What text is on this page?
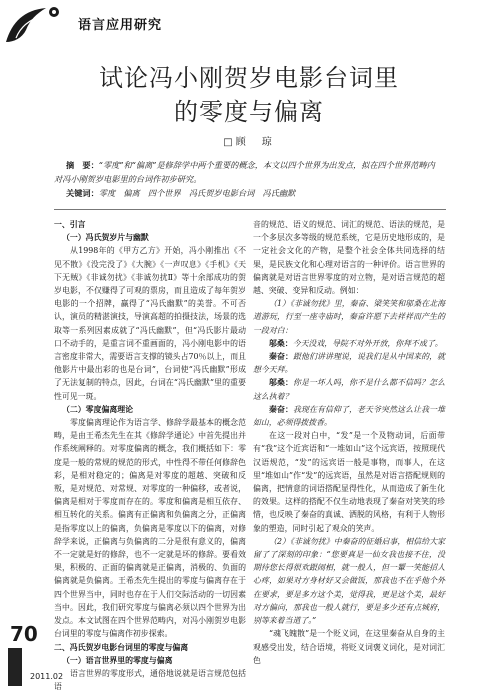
语言应用研究
试论冯小刚贺岁电影台词里
的零度与偏离
□顾　琼

摘　要：“零度”和“偏离”是修辞学中两个重要的概念，本文以四个世界为出发点，拟在四个世界范畴内

对冯小刚贺岁电影里的台词作初步研究。

关键词：零度　偏离　四个世界　冯氏贺岁电影台词　冯氏幽默

一、引言

（一）冯氏贺岁片与幽默

从1998年的《甲方乙方》开始，冯小刚推出《不见不散》《没完没了》《大腕》《一声叹息》《手机》《天下无贼》《非诚勿扰》《非诚勿扰Ⅱ》等十余部成功的贺岁电影，不仅赚得了可观的票房，而且造成了每年贺岁电影的一个招牌，赢得了“冯氏幽默”的美誉。不可否认，演员的精湛演技，导演高超的拍摄技法，场景的选取等一系列因素成就了“冯氏幽默”，但“冯氏影片最动口不动手的，是重言词不重画面的，冯小刚电影中的语言密度非常大，需要语言支撑的镜头占70％以上，而且他影片中最出彩的也是台词”，台词使“冯氏幽默”形成了无法复制的特点，因此，台词在“冯氏幽默”里的重要性可见一斑。

（二）零度偏离理论

零度偏离理论作为语言学、修辞学最基本的概念范畴，是由王希杰先生在其《修辞学通论》中首先提出并作系统阐释的。对零度偏离的概念，我们概括如下：零度是一般的常规的规范的形式，中性得不带任何修辞色彩，是相对稳定的；偏离是对零度的超越、突破和反叛，是对规范、对常规、对零度的一种偏移，或者说，偏离是相对于零度而存在的。零度和偏离是相互依存、相互转化的关系。偏离有正偏离和负偏离之分，正偏离是指零度以上的偏离，负偏离是零度以下的偏离，对修辞学来说，正偏离与负偏离的二分是很有意义的，偏离不一定就是好的修辞，也不一定就是坏的修辞。要看效果，积极的、正面的偏离就是正偏离，消极的、负面的偏离就是负偏离。王希杰先生提出的零度与偏离存在于四个世界当中，同时也存在于人们交际活动的一切因素当中。因此，我们研究零度与偏离必须以四个世界为出发点。本文试图在四个世界范畴内，对冯小刚贺岁电影台词里的零度与偏离作初步探索。

二、冯氏贺岁电影台词里的零度与偏离

（一）语言世界里的零度与偏离

语言世界的零度形式，通俗地说就是语言规范包括语

音的规范、语义的规范、词汇的规范、语法的规范，是一个多层次多等级的规范系统，它是历史地形成的，是一定社会文化的产物，是整个社会全体共同选择的结果，是民族文化和心理对语言的一种评价。语言世界的偏离就是对语言世界零度的对立物，是对语言规范的超越、突破、变异和反动。例如：

（1）《非诚勿扰》里，秦奋、梁笑笑和邬桑在北海道游玩，行至一座寺庙时，秦奋许愿下去祥祥而产生的一段对白：

邬桑：今天没戏，导院不对外开放，你拜不成了。

秦奋：跟他们讲讲理说，说我们是从中国来的，就想今天拜。

邬桑：你是一坏人吗，你不是什么都不信吗？怎么这么执着？

秦奋：我现在有信仰了，老天爷突然这么让我一堆如山，必须得拨拨香。

在这一段对白中，“发”是一个及物动词，后面带有“我”这个近宾语和“一堆如山”这个远宾语，按照现代汉语规范，“发”的远宾语一般是事物，而事人，在这里“堆如山”作“发”的远宾语，虽然是对语言搭配规则的偏离，把情意的词语搭配显得性化，从而造成了新生化的效果。这样的搭配不仅生动地表现了秦奋对笑笑的珍惜，也反映了秦奋的真诚、洒脱的风格，有利于人物形象的塑造，同时引起了观众的笑声。

（2）《非诚勿扰》中秦奋的征婚启事，相信给大家留了了深刻的印象：“您要真是一仙女我也接不住，没期待您长得很欢跟闹相，就一般人，但一颦一笑能招人心疼，如果对方身材好又会做饭，那我也不在乎他个外在要求，要是多方这个美，觉得我，更是这个美，最好对方偏向，那我也一般人就行，要是多少还有点城府，别等来着当道了。”

“魂飞魄散”是一个贬义词，在这里秦奋从自身的主观感受出发，结合语境，将贬义词褒义词化，是对词汇色

70
2011.02
